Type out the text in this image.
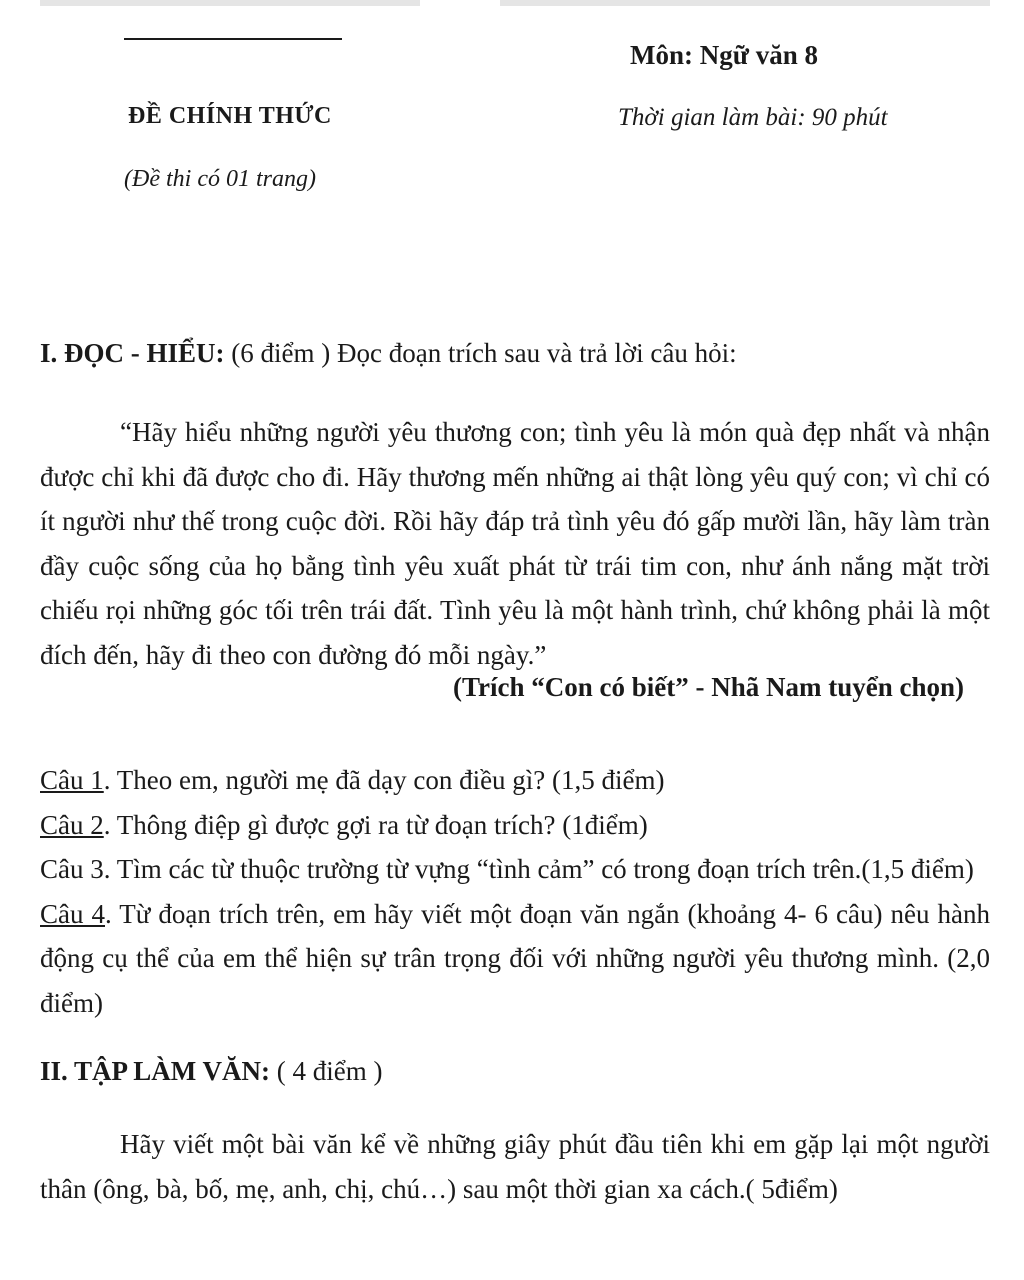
Môn: Ngữ văn 8
ĐỀ CHÍNH THỨC	Thời gian làm bài: 90 phút
(Đề thi có 01 trang)
I. ĐỌC - HIỂU: (6 điểm ) Đọc đoạn trích sau và trả lời câu hỏi:
“Hãy hiểu những người yêu thương con; tình yêu là món quà đẹp nhất và nhận được chỉ khi đã được cho đi. Hãy thương mến những ai thật lòng yêu quý con; vì chỉ có ít người như thế trong cuộc đời. Rồi hãy đáp trả tình yêu đó gấp mười lần, hãy làm tràn đầy cuộc sống của họ bằng tình yêu xuất phát từ trái tim con, như ánh nắng mặt trời chiếu rọi những góc tối trên trái đất. Tình yêu là một hành trình, chứ không phải là một đích đến, hãy đi theo con đường đó mỗi ngày.”
(Trích “Con có biết” - Nhã Nam tuyển chọn)
Câu 1. Theo em, người mẹ đã dạy con điều gì? (1,5 điểm)
Câu 2. Thông điệp gì được gợi ra từ đoạn trích? (1điểm)
Câu 3. Tìm các từ thuộc trường từ vựng “tình cảm” có trong đoạn trích trên.(1,5 điểm)
Câu 4. Từ đoạn trích trên, em hãy viết một đoạn văn ngắn (khoảng 4- 6 câu) nêu hành động cụ thể của em thể hiện sự trân trọng đối với những người yêu thương mình. (2,0 điểm)
II. TẬP LÀM VĂN: ( 4 điểm )
Hãy viết một bài văn kể về những giây phút đầu tiên khi em gặp lại một người thân (ông, bà, bố, mẹ, anh, chị, chú…) sau một thời gian xa cách.( 5điểm)
